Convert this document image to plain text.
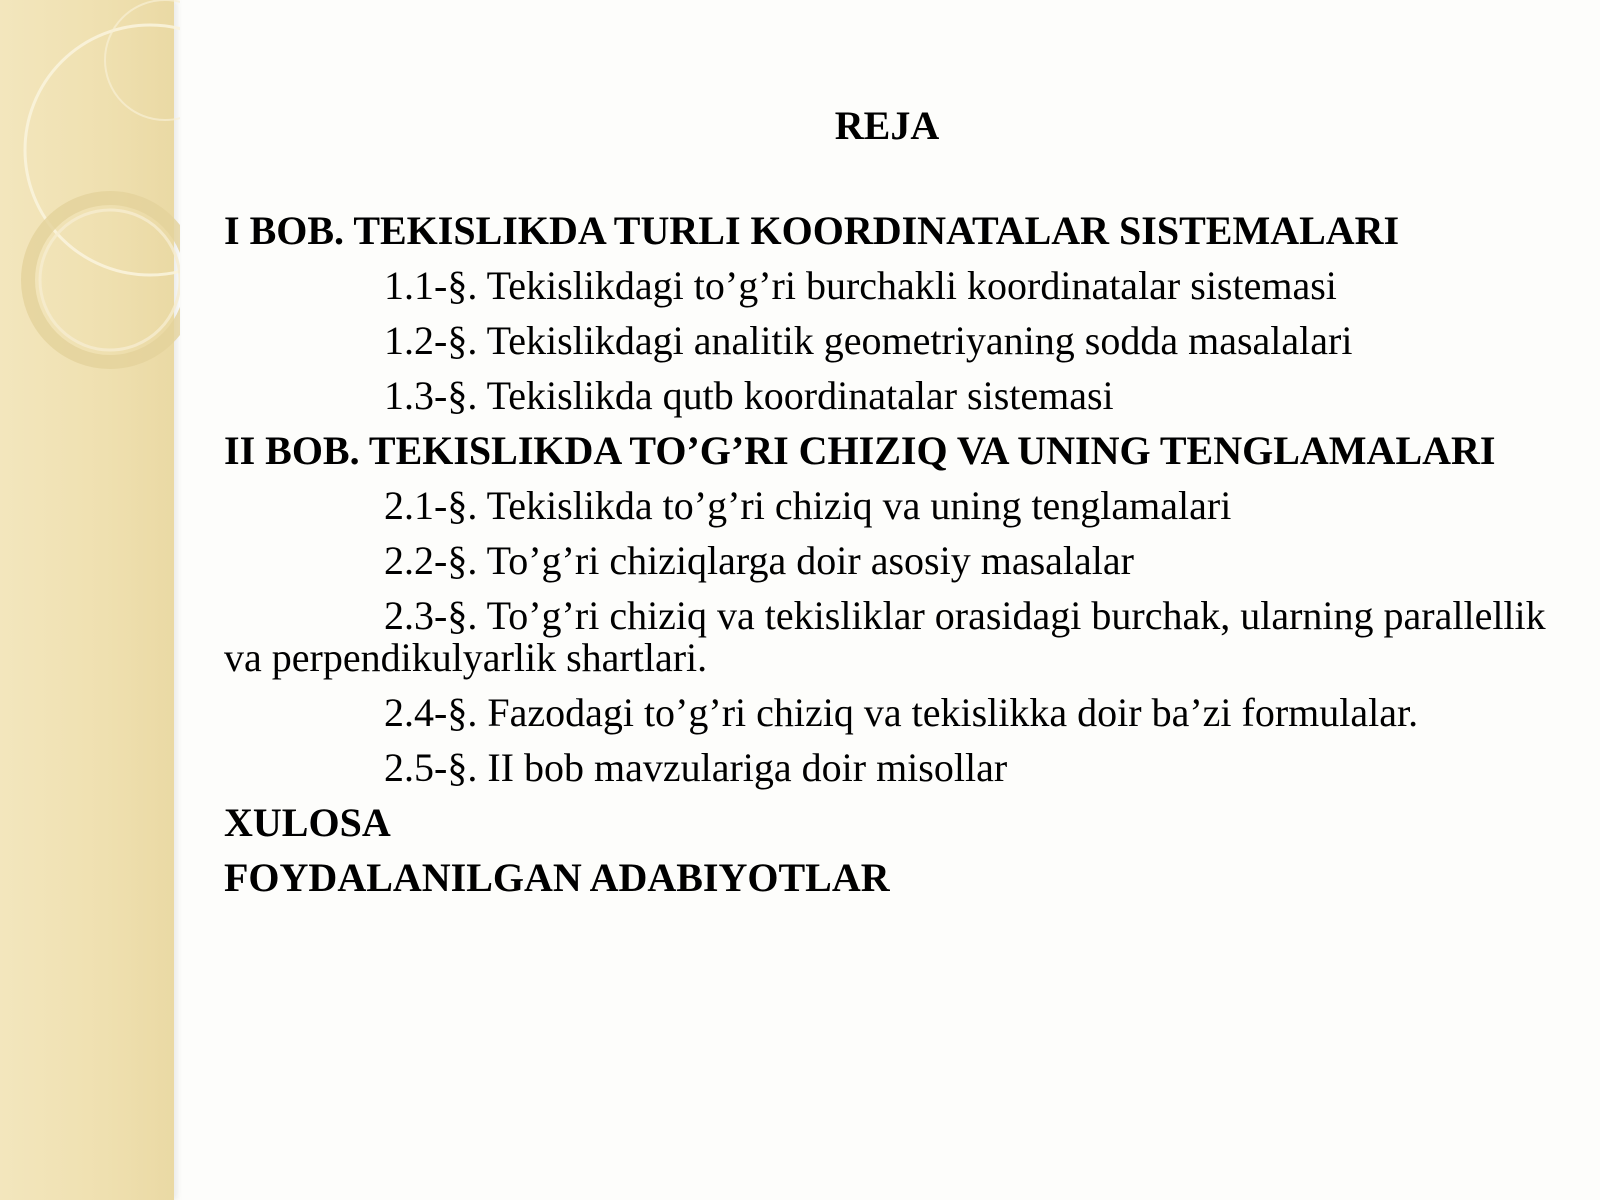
REJA
I BOB. TEKISLIKDA TURLI KOORDINATALAR SISTEMALARI
1.1-§. Tekislikdagi to’g’ri burchakli koordinatalar sistemasi
1.2-§. Tekislikdagi analitik geometriyaning sodda masalalari
1.3-§. Tekislikda qutb koordinatalar sistemasi
II BOB. TEKISLIKDA TO’G’RI CHIZIQ VA UNING TENGLAMALARI
2.1-§. Tekislikda to’g’ri chiziq va uning tenglamalari
2.2-§. To’g’ri chiziqlarga doir asosiy masalalar
2.3-§. To’g’ri chiziq va tekisliklar orasidagi burchak, ularning parallellik va perpendikulyarlik shartlari.
2.4-§. Fazodagi to’g’ri chiziq va tekislikka doir ba’zi formulalar.
2.5-§. II bob mavzulariga doir misollar
XULOSA
FOYDALANILGAN ADABIYOTLAR
